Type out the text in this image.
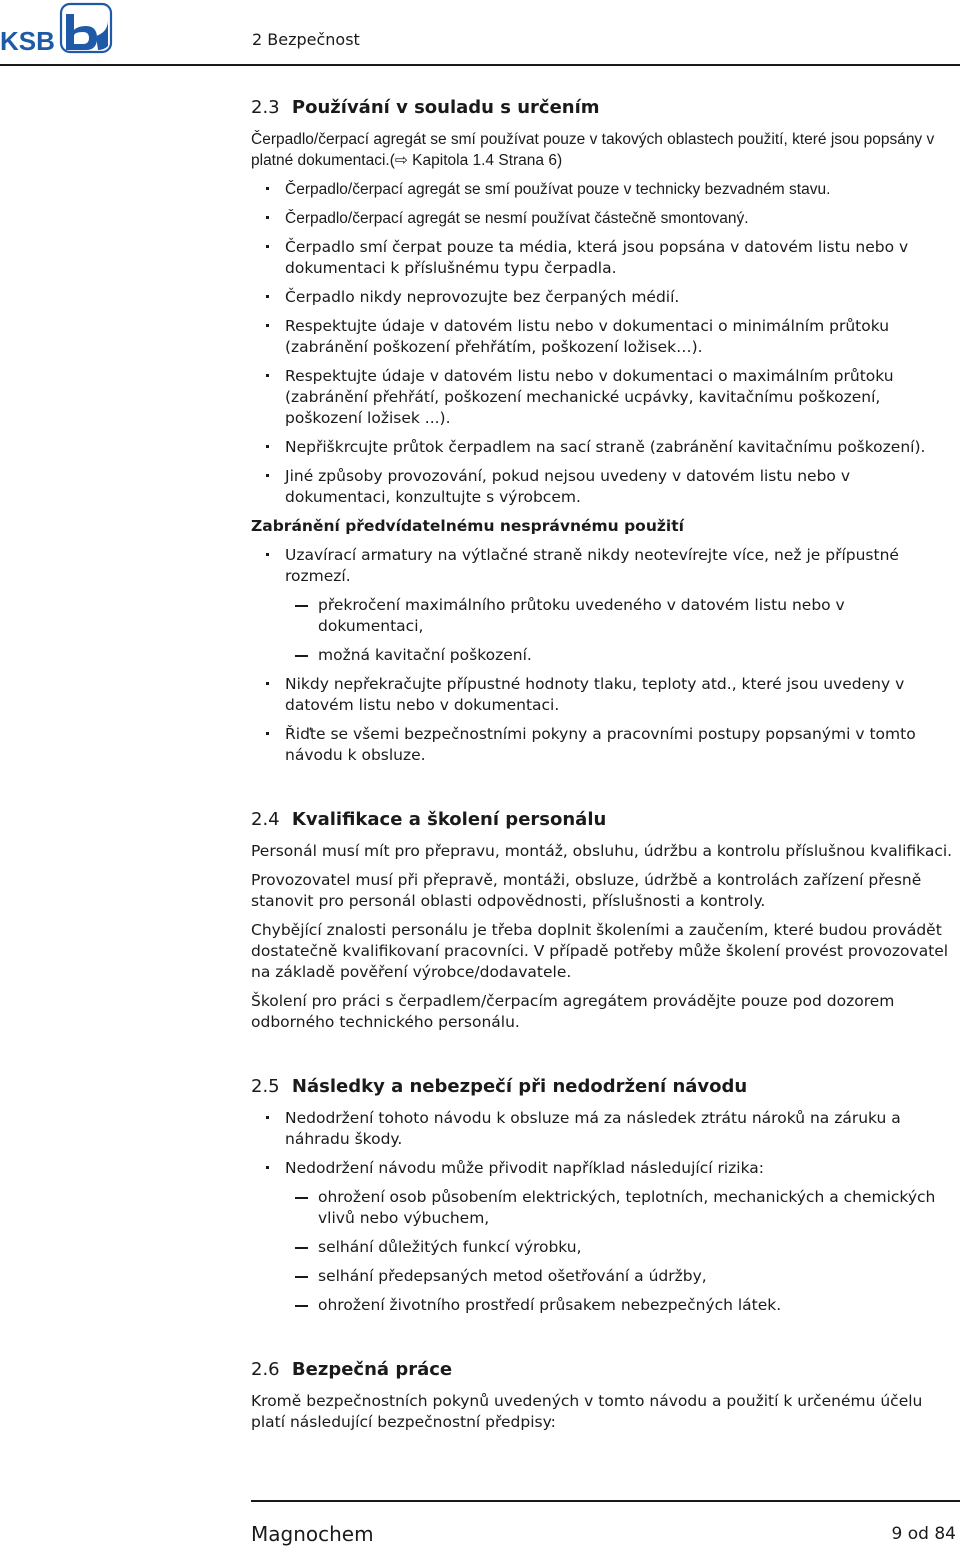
KSB	2 Bezpečnost
2.3 Používání v souladu s určením

Čerpadlo/čerpací agregát se smí používat pouze v takových oblastech použití, které jsou popsány v platné dokumentaci.(⇨ Kapitola 1.4 Strana 6)

Čerpadlo/čerpací agregát se smí používat pouze v technicky bezvadném stavu.
Čerpadlo/čerpací agregát se nesmí používat částečně smontovaný.
Čerpadlo smí čerpat pouze ta média, která jsou popsána v datovém listu nebo v dokumentaci k příslušnému typu čerpadla.
Čerpadlo nikdy neprovozujte bez čerpaných médií.
Respektujte údaje v datovém listu nebo v dokumentaci o minimálním průtoku (zabránění poškození přehřátím, poškození ložisek…).
Respektujte údaje v datovém listu nebo v dokumentaci o maximálním průtoku (zabránění přehřátí, poškození mechanické ucpávky, kavitačnímu poškození, poškození ložisek ...).
Nepřiškrcujte průtok čerpadlem na sací straně (zabránění kavitačnímu poškození).
Jiné způsoby provozování, pokud nejsou uvedeny v datovém listu nebo v dokumentaci, konzultujte s výrobcem.
Zabránění předvídatelnému nesprávnému použití
Uzavírací armatury na výtlačné straně nikdy neotevírejte více, než je přípustné rozmezí.
překročení maximálního průtoku uvedeného v datovém listu nebo v dokumentaci,
možná kavitační poškození.
Nikdy nepřekračujte přípustné hodnoty tlaku, teploty atd., které jsou uvedeny v datovém listu nebo v dokumentaci.
Řiďte se všemi bezpečnostními pokyny a pracovními postupy popsanými v tomto návodu k obsluze.
2.4 Kvalifikace a školení personálu

Personál musí mít pro přepravu, montáž, obsluhu, údržbu a kontrolu příslušnou kvalifikaci.

Provozovatel musí při přepravě, montáži, obsluze, údržbě a kontrolách zařízení přesně stanovit pro personál oblasti odpovědnosti, příslušnosti a kontroly.

Chybějící znalosti personálu je třeba doplnit školeními a zaučením, které budou provádět dostatečně kvalifikovaní pracovníci. V případě potřeby může školení provést provozovatel na základě pověření výrobce/dodavatele.

Školení pro práci s čerpadlem/čerpacím agregátem provádějte pouze pod dozorem odborného technického personálu.

2.5 Následky a nebezpečí při nedodržení návodu
Nedodržení tohoto návodu k obsluze má za následek ztrátu nároků na záruku a náhradu škody.
Nedodržení návodu může přivodit například následující rizika:
ohrožení osob působením elektrických, teplotních, mechanických a chemických vlivů nebo výbuchem,
selhání důležitých funkcí výrobku,
selhání předepsaných metod ošetřování a údržby,
ohrožení životního prostředí průsakem nebezpečných látek.
2.6 Bezpečná práce

Kromě bezpečnostních pokynů uvedených v tomto návodu a použití k určenému účelu platí následující bezpečnostní předpisy:

Magnochem	9 od 84
